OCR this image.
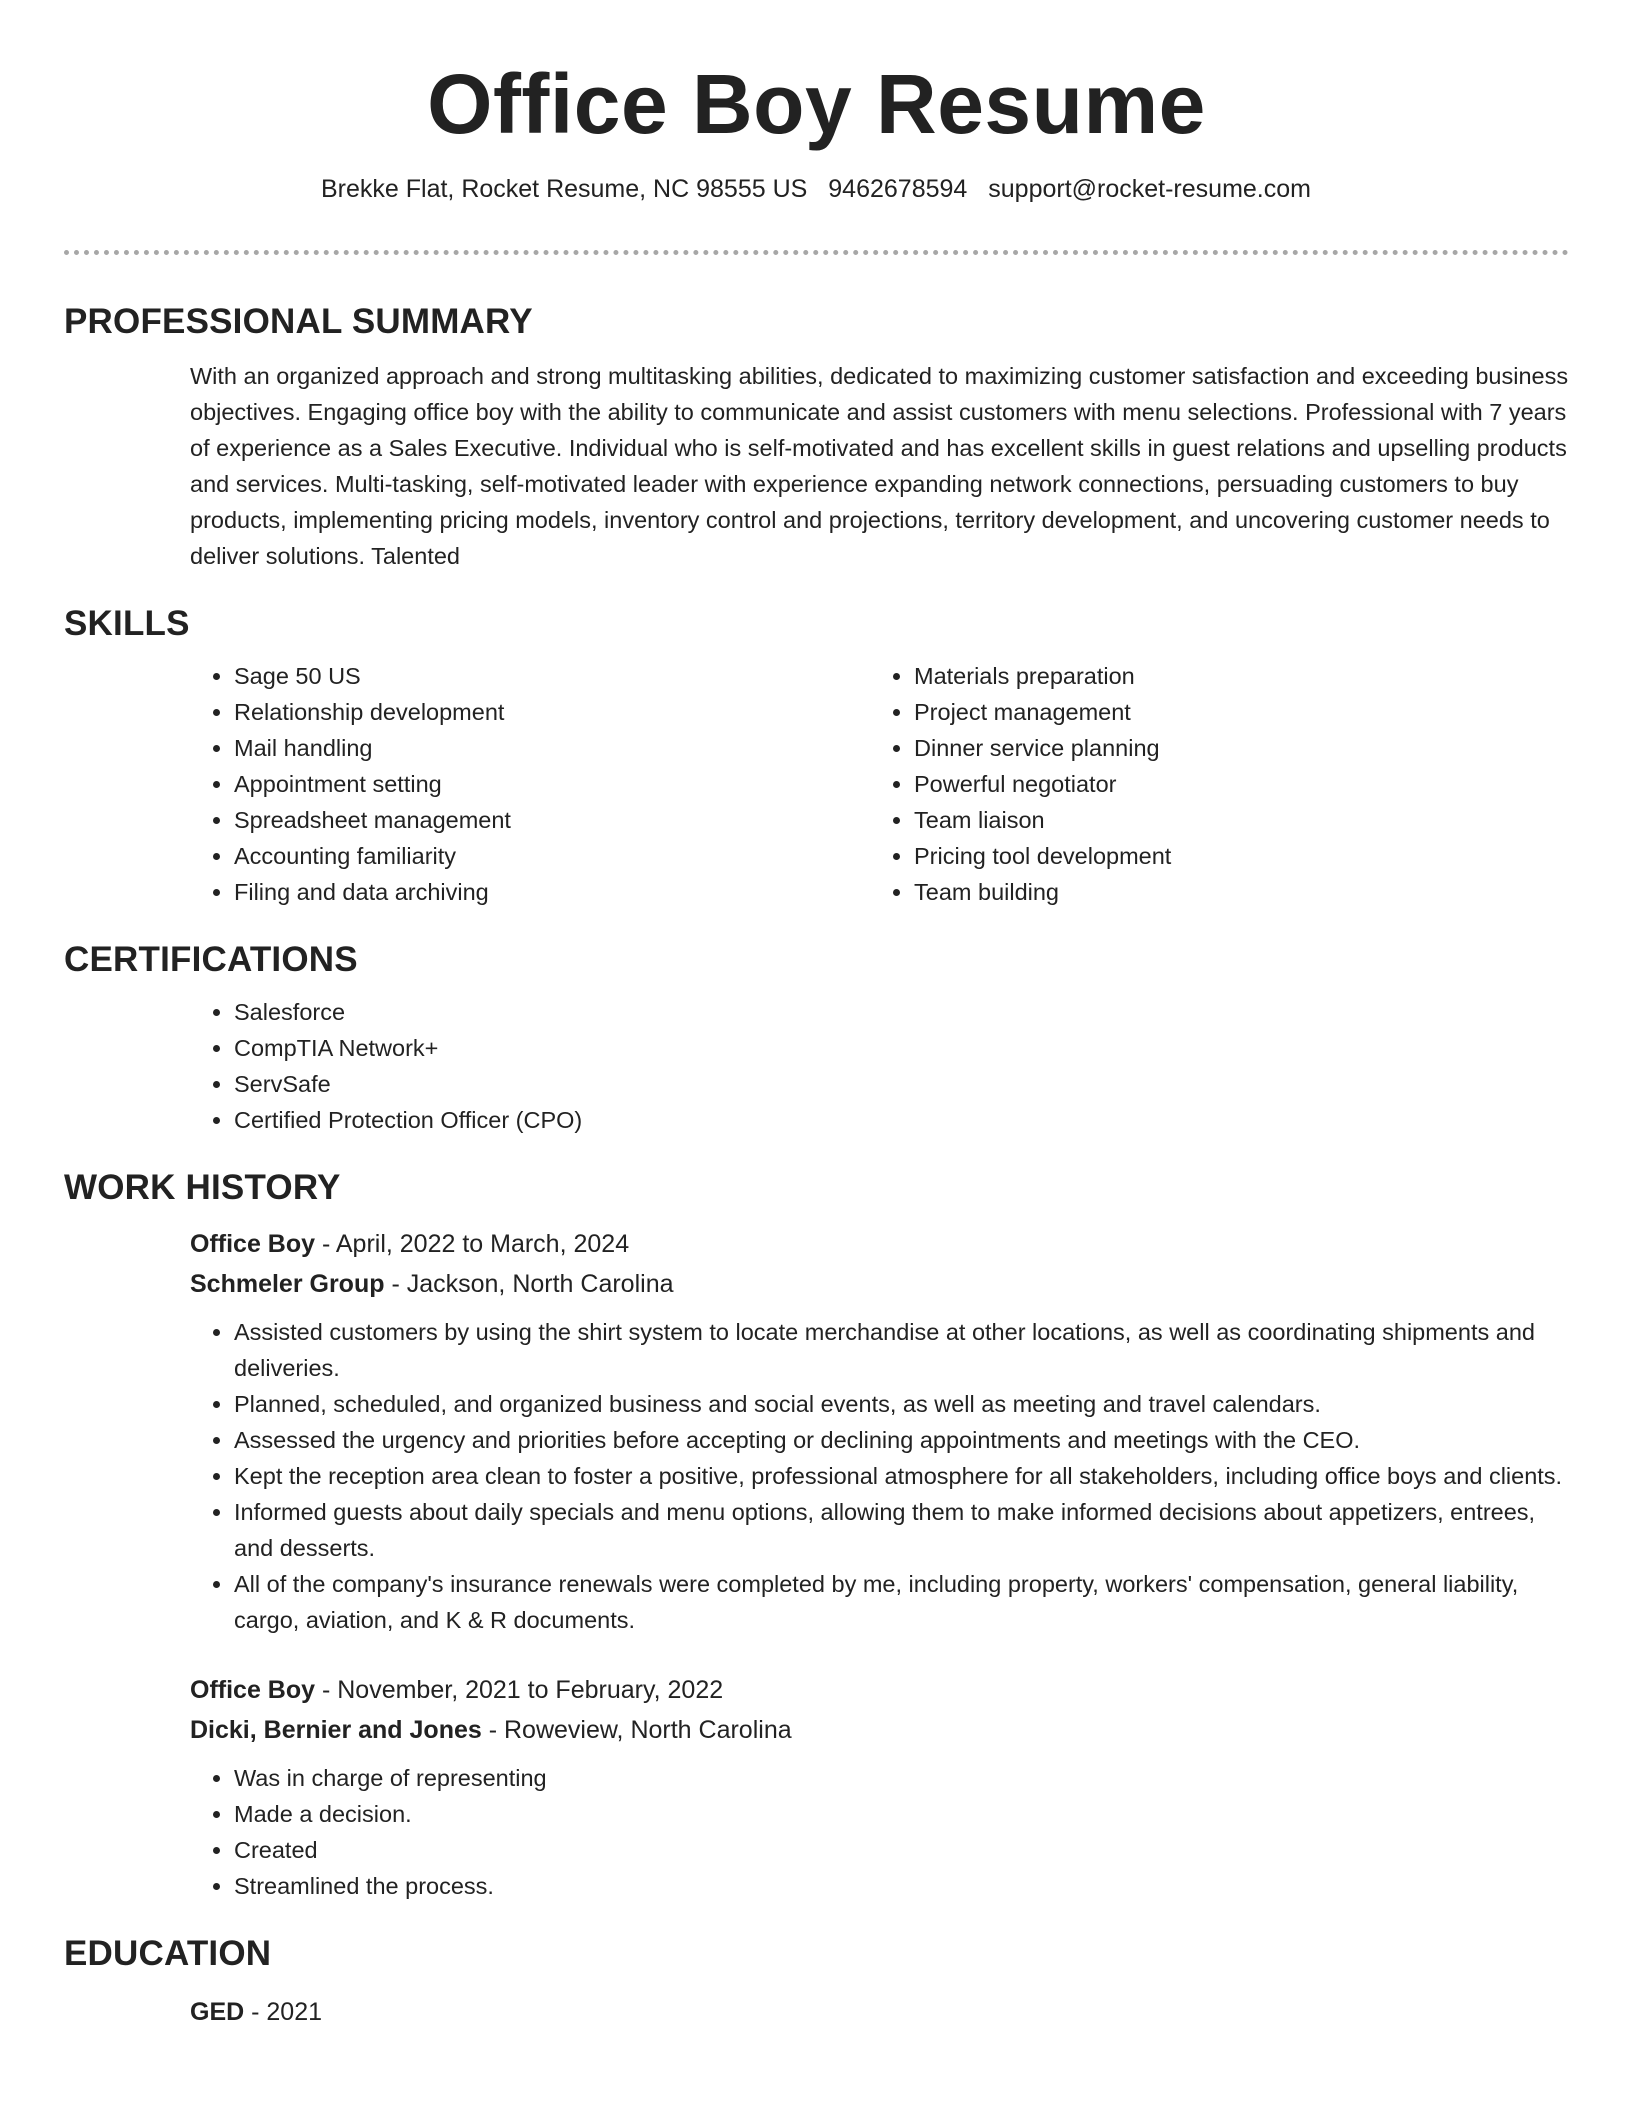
Office Boy Resume
Brekke Flat, Rocket Resume, NC 98555 US 9462678594 support@rocket-resume.com
PROFESSIONAL SUMMARY

With an organized approach and strong multitasking abilities, dedicated to maximizing customer satisfaction and exceeding business objectives. Engaging office boy with the ability to communicate and assist customers with menu selections. Professional with 7 years of experience as a Sales Executive. Individual who is self-motivated and has excellent skills in guest relations and upselling products and services. Multi-tasking, self-motivated leader with experience expanding network connections, persuading customers to buy products, implementing pricing models, inventory control and projections, territory development, and uncovering customer needs to deliver solutions. Talented

SKILLS
• Sage 50 US
• Relationship development
• Mail handling
• Appointment setting
• Spreadsheet management
• Accounting familiarity
• Filing and data archiving
• Materials preparation
• Project management
• Dinner service planning
• Powerful negotiator
• Team liaison
• Pricing tool development
• Team building
CERTIFICATIONS
• Salesforce
• CompTIA Network+
• ServSafe
• Certified Protection Officer (CPO)
WORK HISTORY
Office Boy - April, 2022 to March, 2024
Schmeler Group - Jackson, North Carolina
• Assisted customers by using the shirt system to locate merchandise at other locations, as well as coordinating shipments and deliveries.
• Planned, scheduled, and organized business and social events, as well as meeting and travel calendars.
• Assessed the urgency and priorities before accepting or declining appointments and meetings with the CEO.
• Kept the reception area clean to foster a positive, professional atmosphere for all stakeholders, including office boys and clients.
• Informed guests about daily specials and menu options, allowing them to make informed decisions about appetizers, entrees, and desserts.
• All of the company's insurance renewals were completed by me, including property, workers' compensation, general liability, cargo, aviation, and K & R documents.
Office Boy - November, 2021 to February, 2022
Dicki, Bernier and Jones - Roweview, North Carolina
• Was in charge of representing
• Made a decision.
• Created
• Streamlined the process.
EDUCATION
GED - 2021
